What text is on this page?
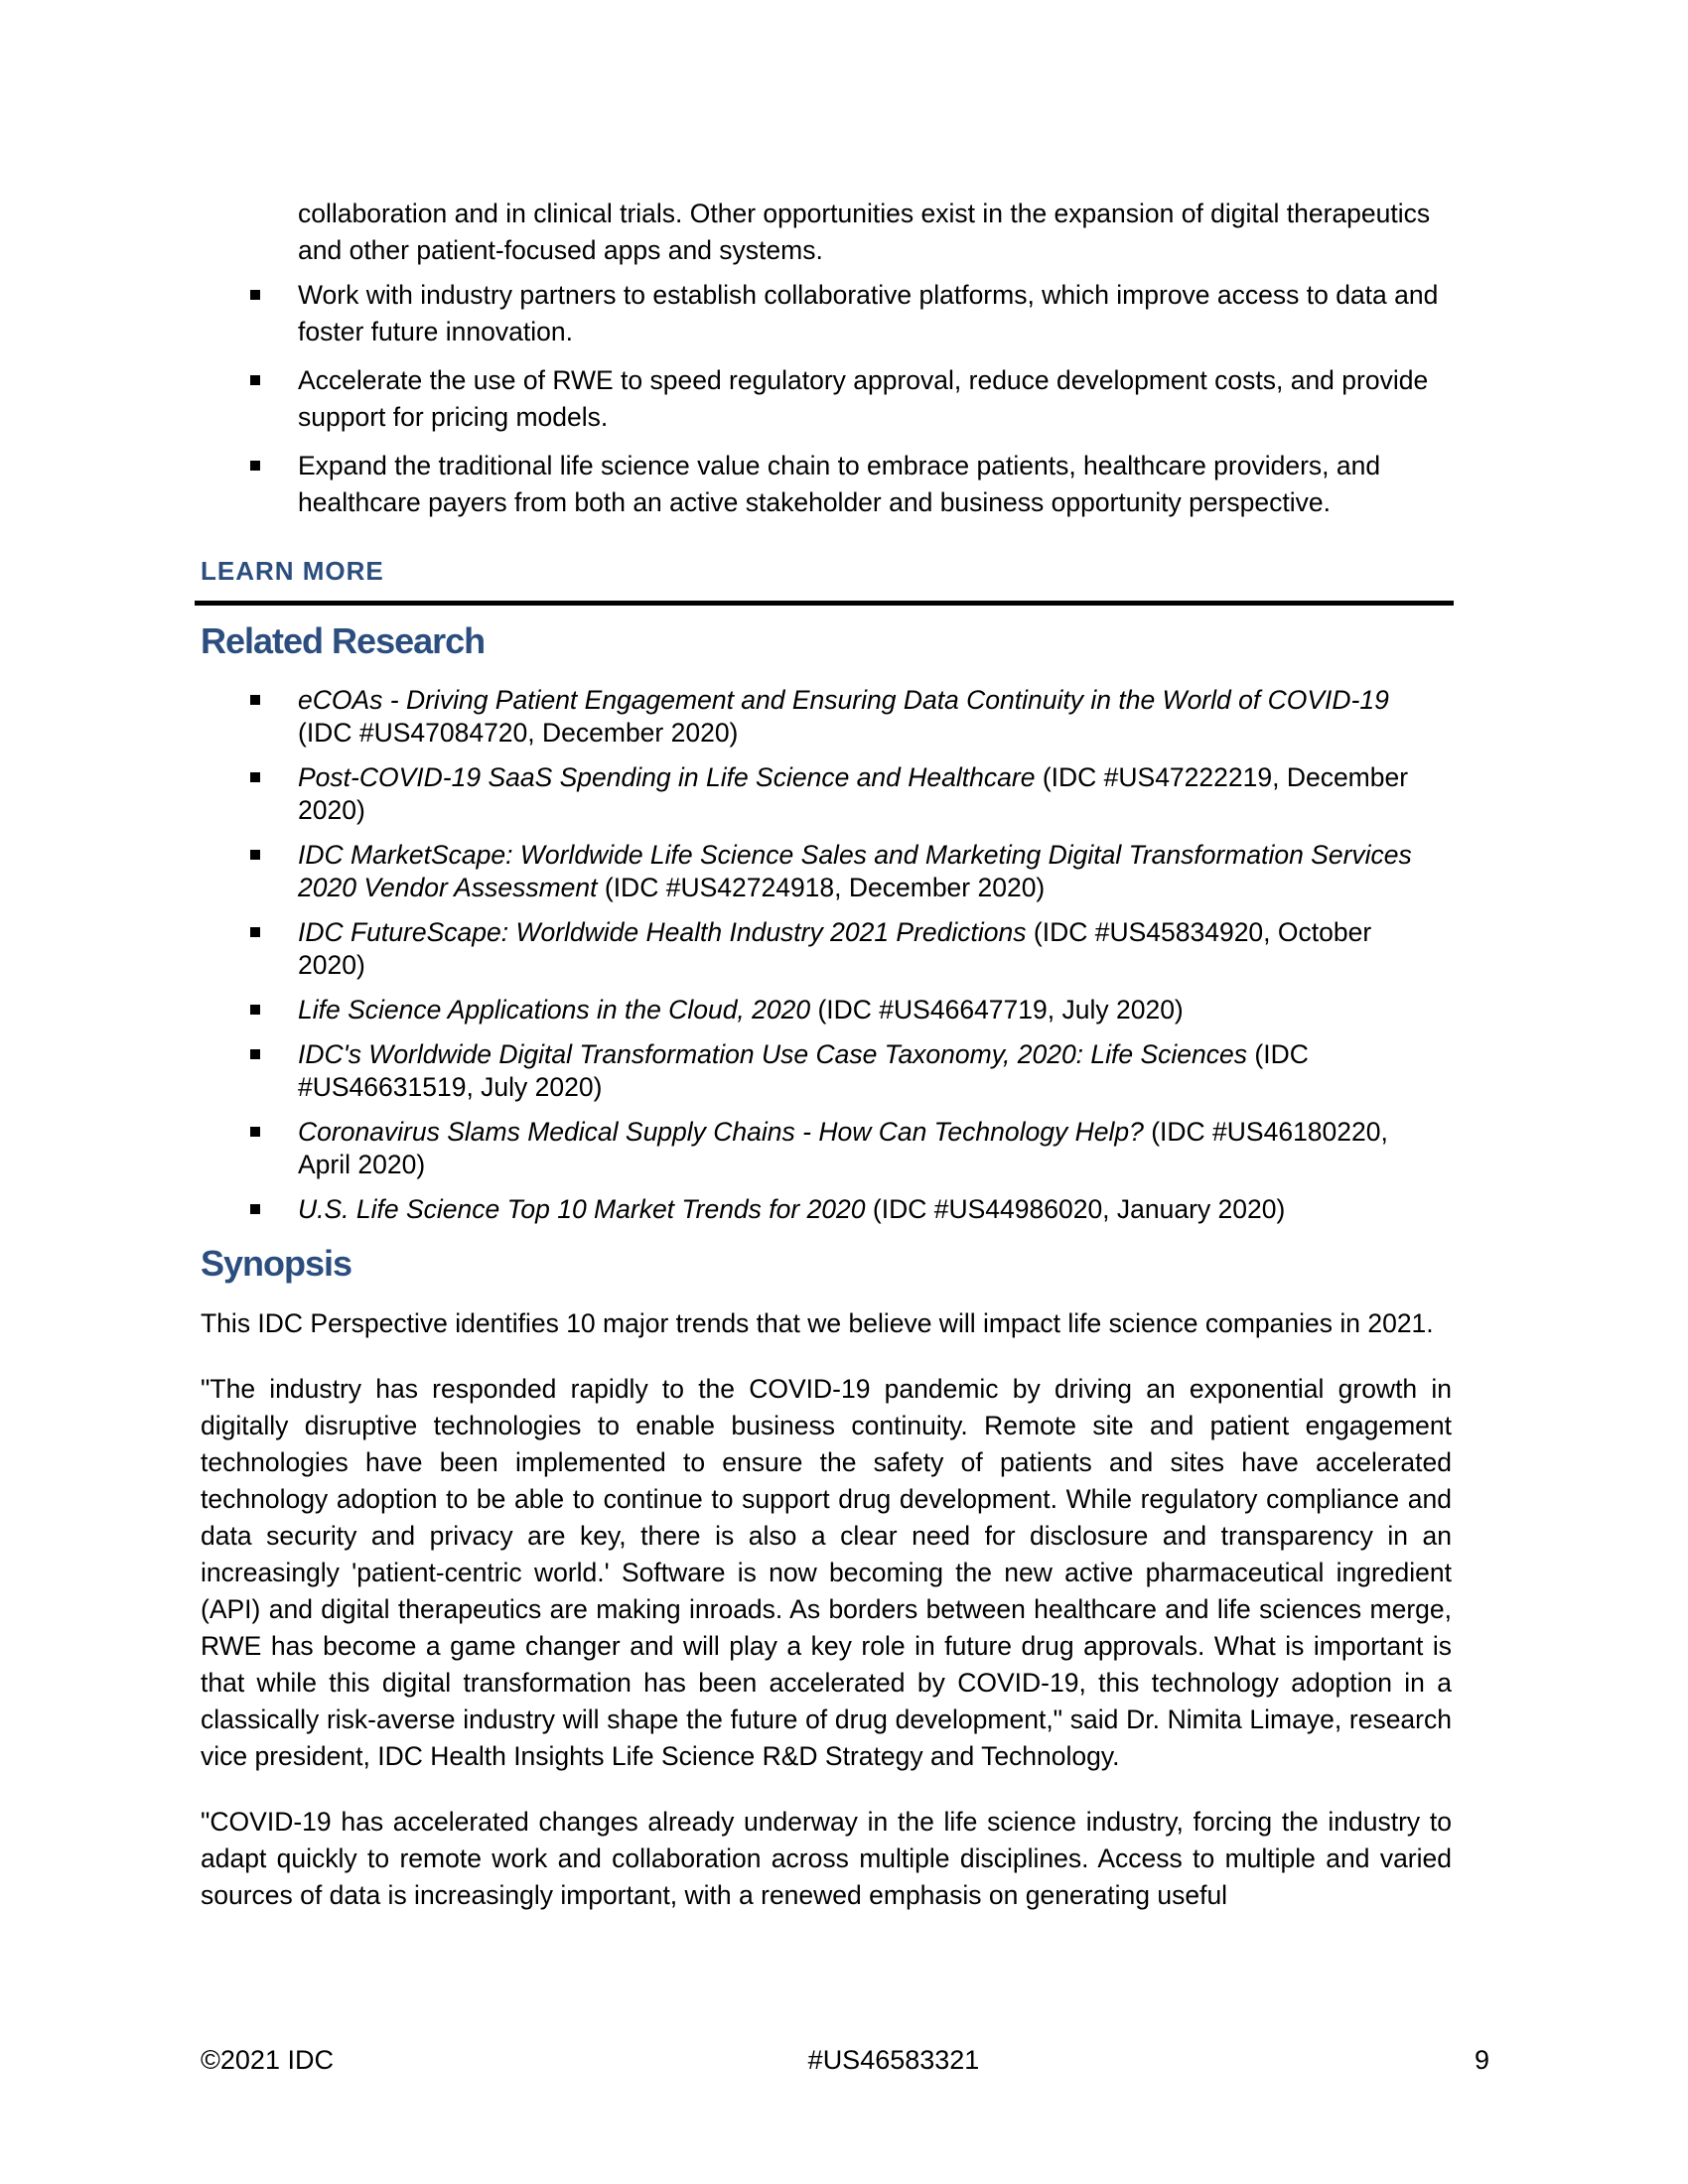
collaboration and in clinical trials. Other opportunities exist in the expansion of digital therapeutics and other patient-focused apps and systems.
Work with industry partners to establish collaborative platforms, which improve access to data and foster future innovation.
Accelerate the use of RWE to speed regulatory approval, reduce development costs, and provide support for pricing models.
Expand the traditional life science value chain to embrace patients, healthcare providers, and healthcare payers from both an active stakeholder and business opportunity perspective.
LEARN MORE
Related Research
eCOAs - Driving Patient Engagement and Ensuring Data Continuity in the World of COVID-19 (IDC #US47084720, December 2020)
Post-COVID-19 SaaS Spending in Life Science and Healthcare (IDC #US47222219, December 2020)
IDC MarketScape: Worldwide Life Science Sales and Marketing Digital Transformation Services 2020 Vendor Assessment (IDC #US42724918, December 2020)
IDC FutureScape: Worldwide Health Industry 2021 Predictions (IDC #US45834920, October 2020)
Life Science Applications in the Cloud, 2020 (IDC #US46647719, July 2020)
IDC's Worldwide Digital Transformation Use Case Taxonomy, 2020: Life Sciences (IDC #US46631519, July 2020)
Coronavirus Slams Medical Supply Chains - How Can Technology Help? (IDC #US46180220, April 2020)
U.S. Life Science Top 10 Market Trends for 2020 (IDC #US44986020, January 2020)
Synopsis

This IDC Perspective identifies 10 major trends that we believe will impact life science companies in 2021.

"The industry has responded rapidly to the COVID-19 pandemic by driving an exponential growth in digitally disruptive technologies to enable business continuity. Remote site and patient engagement technologies have been implemented to ensure the safety of patients and sites have accelerated technology adoption to be able to continue to support drug development. While regulatory compliance and data security and privacy are key, there is also a clear need for disclosure and transparency in an increasingly 'patient-centric world.' Software is now becoming the new active pharmaceutical ingredient (API) and digital therapeutics are making inroads. As borders between healthcare and life sciences merge, RWE has become a game changer and will play a key role in future drug approvals. What is important is that while this digital transformation has been accelerated by COVID-19, this technology adoption in a classically risk-averse industry will shape the future of drug development," said Dr. Nimita Limaye, research vice president, IDC Health Insights Life Science R&D Strategy and Technology.

"COVID-19 has accelerated changes already underway in the life science industry, forcing the industry to adapt quickly to remote work and collaboration across multiple disciplines. Access to multiple and varied sources of data is increasingly important, with a renewed emphasis on generating useful

©2021 IDC	#US46583321	9
